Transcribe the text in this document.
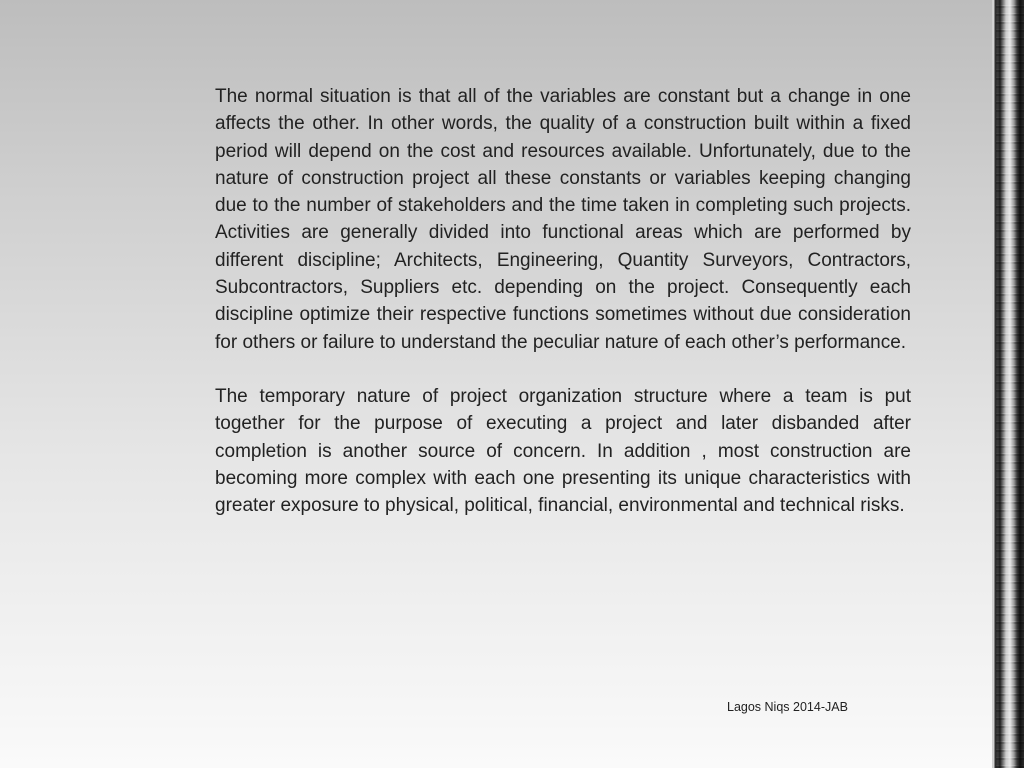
The normal situation is that all of the variables are constant but a change in one affects the other. In other words, the quality of a construction built within a fixed period will depend on the cost and resources available. Unfortunately, due to the nature of construction project all these constants or variables keeping changing due to the number of stakeholders and the time taken in completing such projects. Activities are generally divided into functional areas which are performed by different discipline; Architects, Engineering, Quantity Surveyors, Contractors, Subcontractors, Suppliers etc. depending on the project. Consequently each discipline optimize their respective functions sometimes without due consideration for others or failure to understand the peculiar nature of each other’s performance.

The temporary nature of project organization structure where a team is put together for the purpose of executing a project and later disbanded after completion is another source of concern. In addition , most construction are becoming more complex with each one presenting its unique characteristics with greater exposure to physical, political, financial, environmental and technical risks.

Lagos Niqs 2014-JAB
